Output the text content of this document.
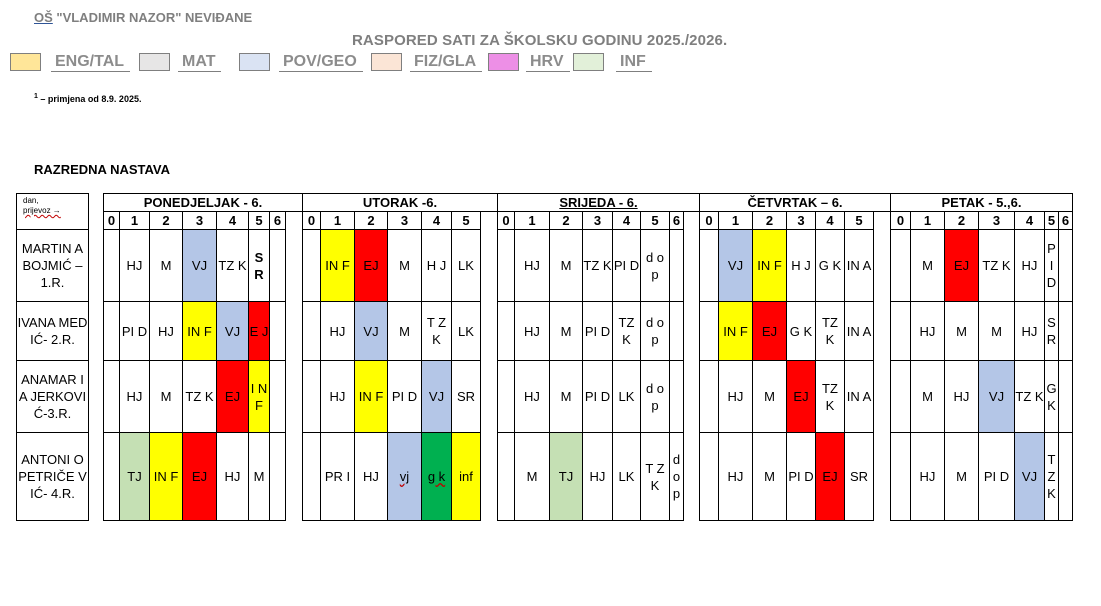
OŠ "VLADIMIR NAZOR" NEVIĐANE
RASPORED SATI ZA ŠKOLSKU GODINU 2025./2026.
ENG/TAL	MAT	POV/GEO	FIZ/GLA	HRV	INF
$^1$ – primjena od 8.9. 2025.
RAZREDNA NASTAVA
dan,
prijevoz →		PONEDJELJAK - 6.								UTORAK -6.							SRIJEDA - 6.								ČETVRTAK – 6.							PETAK - 5.,6.						
		0	1	2	3	4	5	6		0	1	2	3	4	5		0	1	2	3	4	5	6		0	1	2	3	4	5		0	1	2	3	4	5	6
MARTIN A BOJMIĆ – 1.R.			HJ	M	VJ	TZ K	S R				IN F	EJ	M	H J	LK			HJ	M	TZ K	PI D	d o p				VJ	IN F	H J	G K	IN A			M	EJ	TZ K	HJ	P I D	
IVANA MEDIĆ- 2.R.			PI D	HJ	IN F	VJ	E J				HJ	VJ	M	T Z K	LK			HJ	M	PI D	TZ K	d o p				IN F	EJ	G K	TZ K	IN A			HJ	M	M	HJ	S R	
ANAMAR IA JERKOVI Ć-3.R.			HJ	M	TZ K	EJ	I N F				HJ	IN F	PI D	VJ	SR			HJ	M	PI D	LK	d o p				HJ	M	EJ	TZ K	IN A			M	HJ	VJ	TZ K	G K	
ANTONI O PETRIČE VIĆ- 4.R.			TJ	IN F	EJ	HJ	M				PR I	HJ	vj	g k	inf			M	TJ	HJ	LK	T Z K	d o p			HJ	M	PI D	EJ	SR			HJ	M	PI D	VJ	T Z K	
